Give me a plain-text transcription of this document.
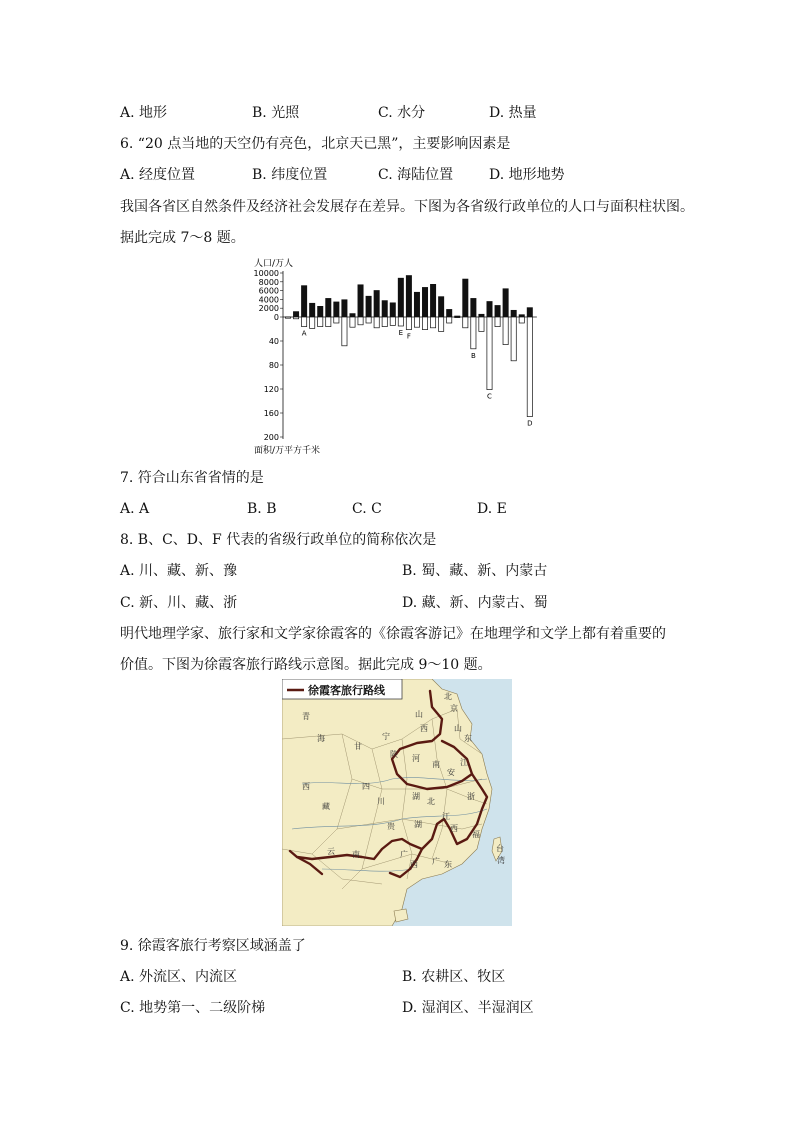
A. 地形	B. 光照	C. 水分	D. 热量
6. “20 点当地的天空仍有亮色，北京天已黑”，主要影响因素是
A. 经度位置	B. 纬度位置	C. 海陆位置	D. 地形地势
我国各省区自然条件及经济社会发展存在差异。下图为各省级行政单位的人口与面积柱状图。
据此完成 7～8 题。
人口/万人
面积/万平方千米
10000
8000
6000
4000
2000
0
40
80
120
160
200
A	E F
B
C
D
7. 符合山东省省情的是
A. A	B. B	C. C	D. E
8. B、C、D、F 代表的省级行政单位的简称依次是
A. 川、藏、新、豫	B. 蜀、藏、新、内蒙古
C. 新、川、藏、浙	D. 藏、新、内蒙古、蜀
明代地理学家、旅行家和文学家徐霞客的《徐霞客游记》在地理学和文学上都有着重要的
价值。下图为徐霞客旅行路线示意图。据此完成 9～10 题。
青
海
西
藏
甘
宁
陕
山
西
北
京
山
东
河
南
安
江
四
川
湖
北
浙
湖
江
西
福
贵
云 南	广
西 广 东
台
湾
徐霞客旅行路线
9. 徐霞客旅行考察区域涵盖了
A. 外流区、内流区	B. 农耕区、牧区
C. 地势第一、二级阶梯	D. 湿润区、半湿润区
